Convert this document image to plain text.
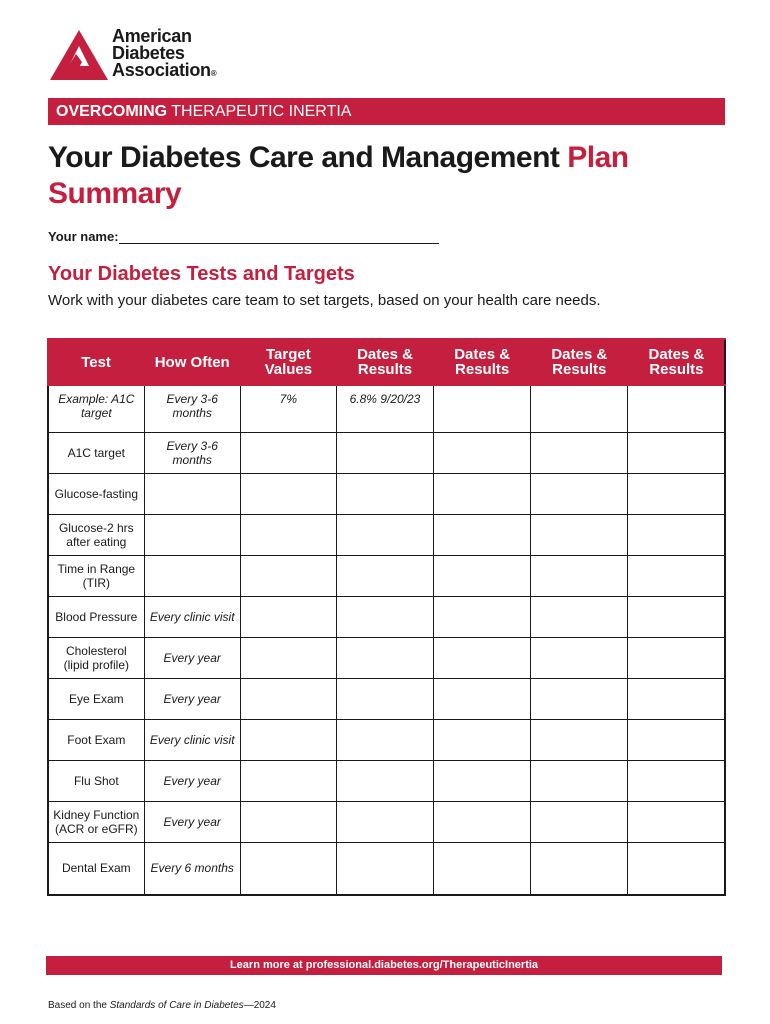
American
Diabetes
Association®
OVERCOMING THERAPEUTIC INERTIA
Your Diabetes Care and Management Plan
Summary
Your name:
Your Diabetes Tests and Targets
Work with your diabetes care team to set targets, based on your health care needs.
Test	How Often	Target Values	Dates & Results	Dates & Results	Dates & Results	Dates & Results
Example: A1C target	Every 3-6 months	7%	6.8% 9/20/23			
A1C target	Every 3-6 months					
Glucose-fasting						
Glucose-2 hrs after eating						
Time in Range (TIR)						
Blood Pressure	Every clinic visit					
Cholesterol (lipid profile)	Every year					
Eye Exam	Every year					
Foot Exam	Every clinic visit					
Flu Shot	Every year					
Kidney Function (ACR or eGFR)	Every year					
Dental Exam	Every 6 months					
Learn more at professional.diabetes.org/TherapeuticInertia
Based on the Standards of Care in Diabetes—2024
